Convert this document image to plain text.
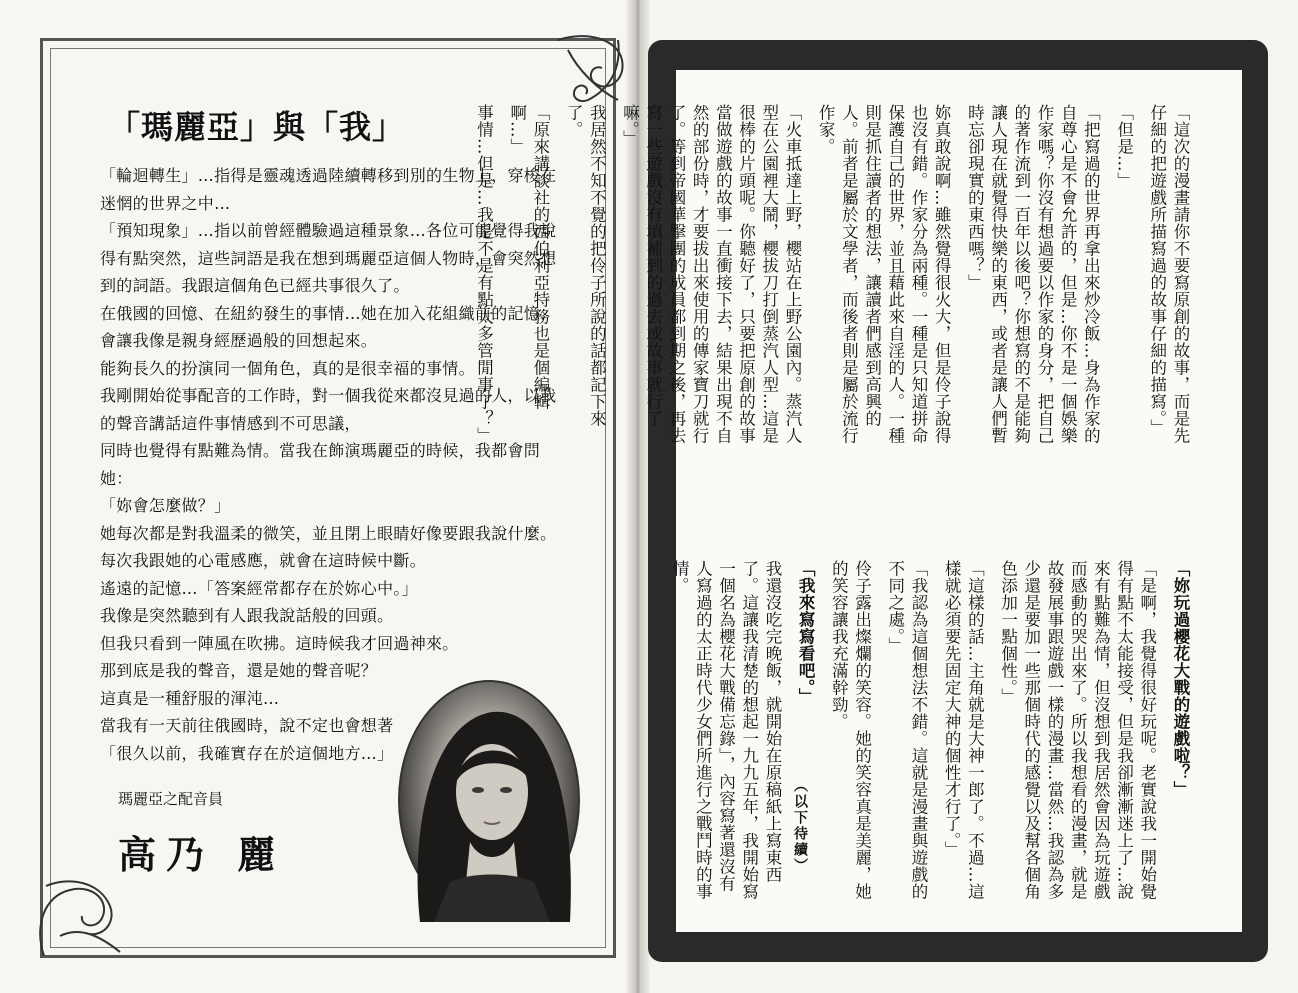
「瑪麗亞」與「我」

「輪迴轉生」…指得是靈魂透過陸續轉移到別的生物上，穿梭在迷惘的世界之中…

「預知現象」…指以前曾經體驗過這種景象…各位可能覺得我說得有點突然，這些詞語是我在想到瑪麗亞這個人物時，會突然想到的詞語。我跟這個角色已經共事很久了。

在俄國的回憶、在紐約發生的事情…她在加入花組織前的記憶，會讓我像是親身經歷過般的回想起來。

能夠長久的扮演同一個角色，真的是很幸福的事情。

我剛開始從事配音的工作時，對一個我從來都沒見過的人，以我的聲音講話這件事情感到不可思議，

同時也覺得有點難為情。當我在飾演瑪麗亞的時候，我都會問她：

「妳會怎麼做？」

她每次都是對我溫柔的微笑，並且閉上眼睛好像要跟我說什麼。每次我跟她的心電感應，就會在這時候中斷。

遙遠的記憶…「答案經常都存在於妳心中。」

我像是突然聽到有人跟我說話般的回頭。

但我只看到一陣風在吹拂。這時候我才回過神來。

那到底是我的聲音，還是她的聲音呢？

這真是一種舒服的渾沌…

當我有一天前往俄國時，說不定也會想著

「很久以前，我確實存在於這個地方…」

瑪麗亞之配音員
高乃 麗

「這次的漫畫請你不要寫原創的故事，而是先仔細的把遊戲所描寫過的故事仔細的描寫。」

「但是…」

「把寫過的世界再拿出來炒冷飯…身為作家的自尊心是不會允許的，但是…你不是一個娛樂作家嗎？你沒有想過要以作家的身分，把自己的著作流到一百年以後吧？你想寫的不是能夠讓人現在就覺得快樂的東西，或者是讓人們暫時忘卻現實的東西嗎？」

妳真敢說啊…雖然覺得很火大，但是伶子說得也沒有錯。作家分為兩種。一種是只知道拼命保護自己的世界，並且藉此來自淫的人。一種則是抓住讀者的想法，讓讀者們感到高興的人。前者是屬於文學者，而後者則是屬於流行作家。

「火車抵達上野，櫻站在上野公園內。蒸汽人型在公園裡大鬧，櫻拔刀打倒蒸汽人型…這是很棒的片頭呢。你聽好了，只要把原創的故事當做遊戲的故事一直衝接下去，結果出現不自然的部份時，才要拔出來使用的傳家寶刀就行了。等到帝國華擊團的成員都到期之後，再去寫一些遊戲沒有填補到的過去或故事就行了嘛。」

我居然不知不覺的把伶子所說的話都記下來了。

「原來講談社的西伯利亞特務也是個編輯啊…」

事情…但是…我是不是有點太多管閒事了？」

「妳玩過櫻花大戰的遊戲啦？」

「是啊，我覺得很好玩呢。老實說我一開始覺得有點不太能接受，但是我卻漸漸迷上了…說來有點難為情，但沒想到我居然會因為玩遊戲而感動的哭出來了。所以我想看的漫畫，就是故發展事跟遊戲一樣的漫畫…當然…我認為多少還是要加一些那個時代的感覺以及幫各個角色添加一點個性。」

「這樣的話…主角就是大神一郎了。不過…這樣就必須要先固定大神的個性才行了。」

「我認為這個想法不錯。這就是漫畫與遊戲的不同之處。」

伶子露出燦爛的笑容。她的笑容真是美麗，她的笑容讓我充滿幹勁。

「我來寫寫看吧。」

我還沒吃完晚飯，就開始在原稿紙上寫東西了。這讓我清楚的想起一九九五年，我開始寫一個名為櫻花大戰備忘錄」，內容寫著還沒有人寫過的太正時代少女們所進行之戰鬥時的事情。

（以下待續）
